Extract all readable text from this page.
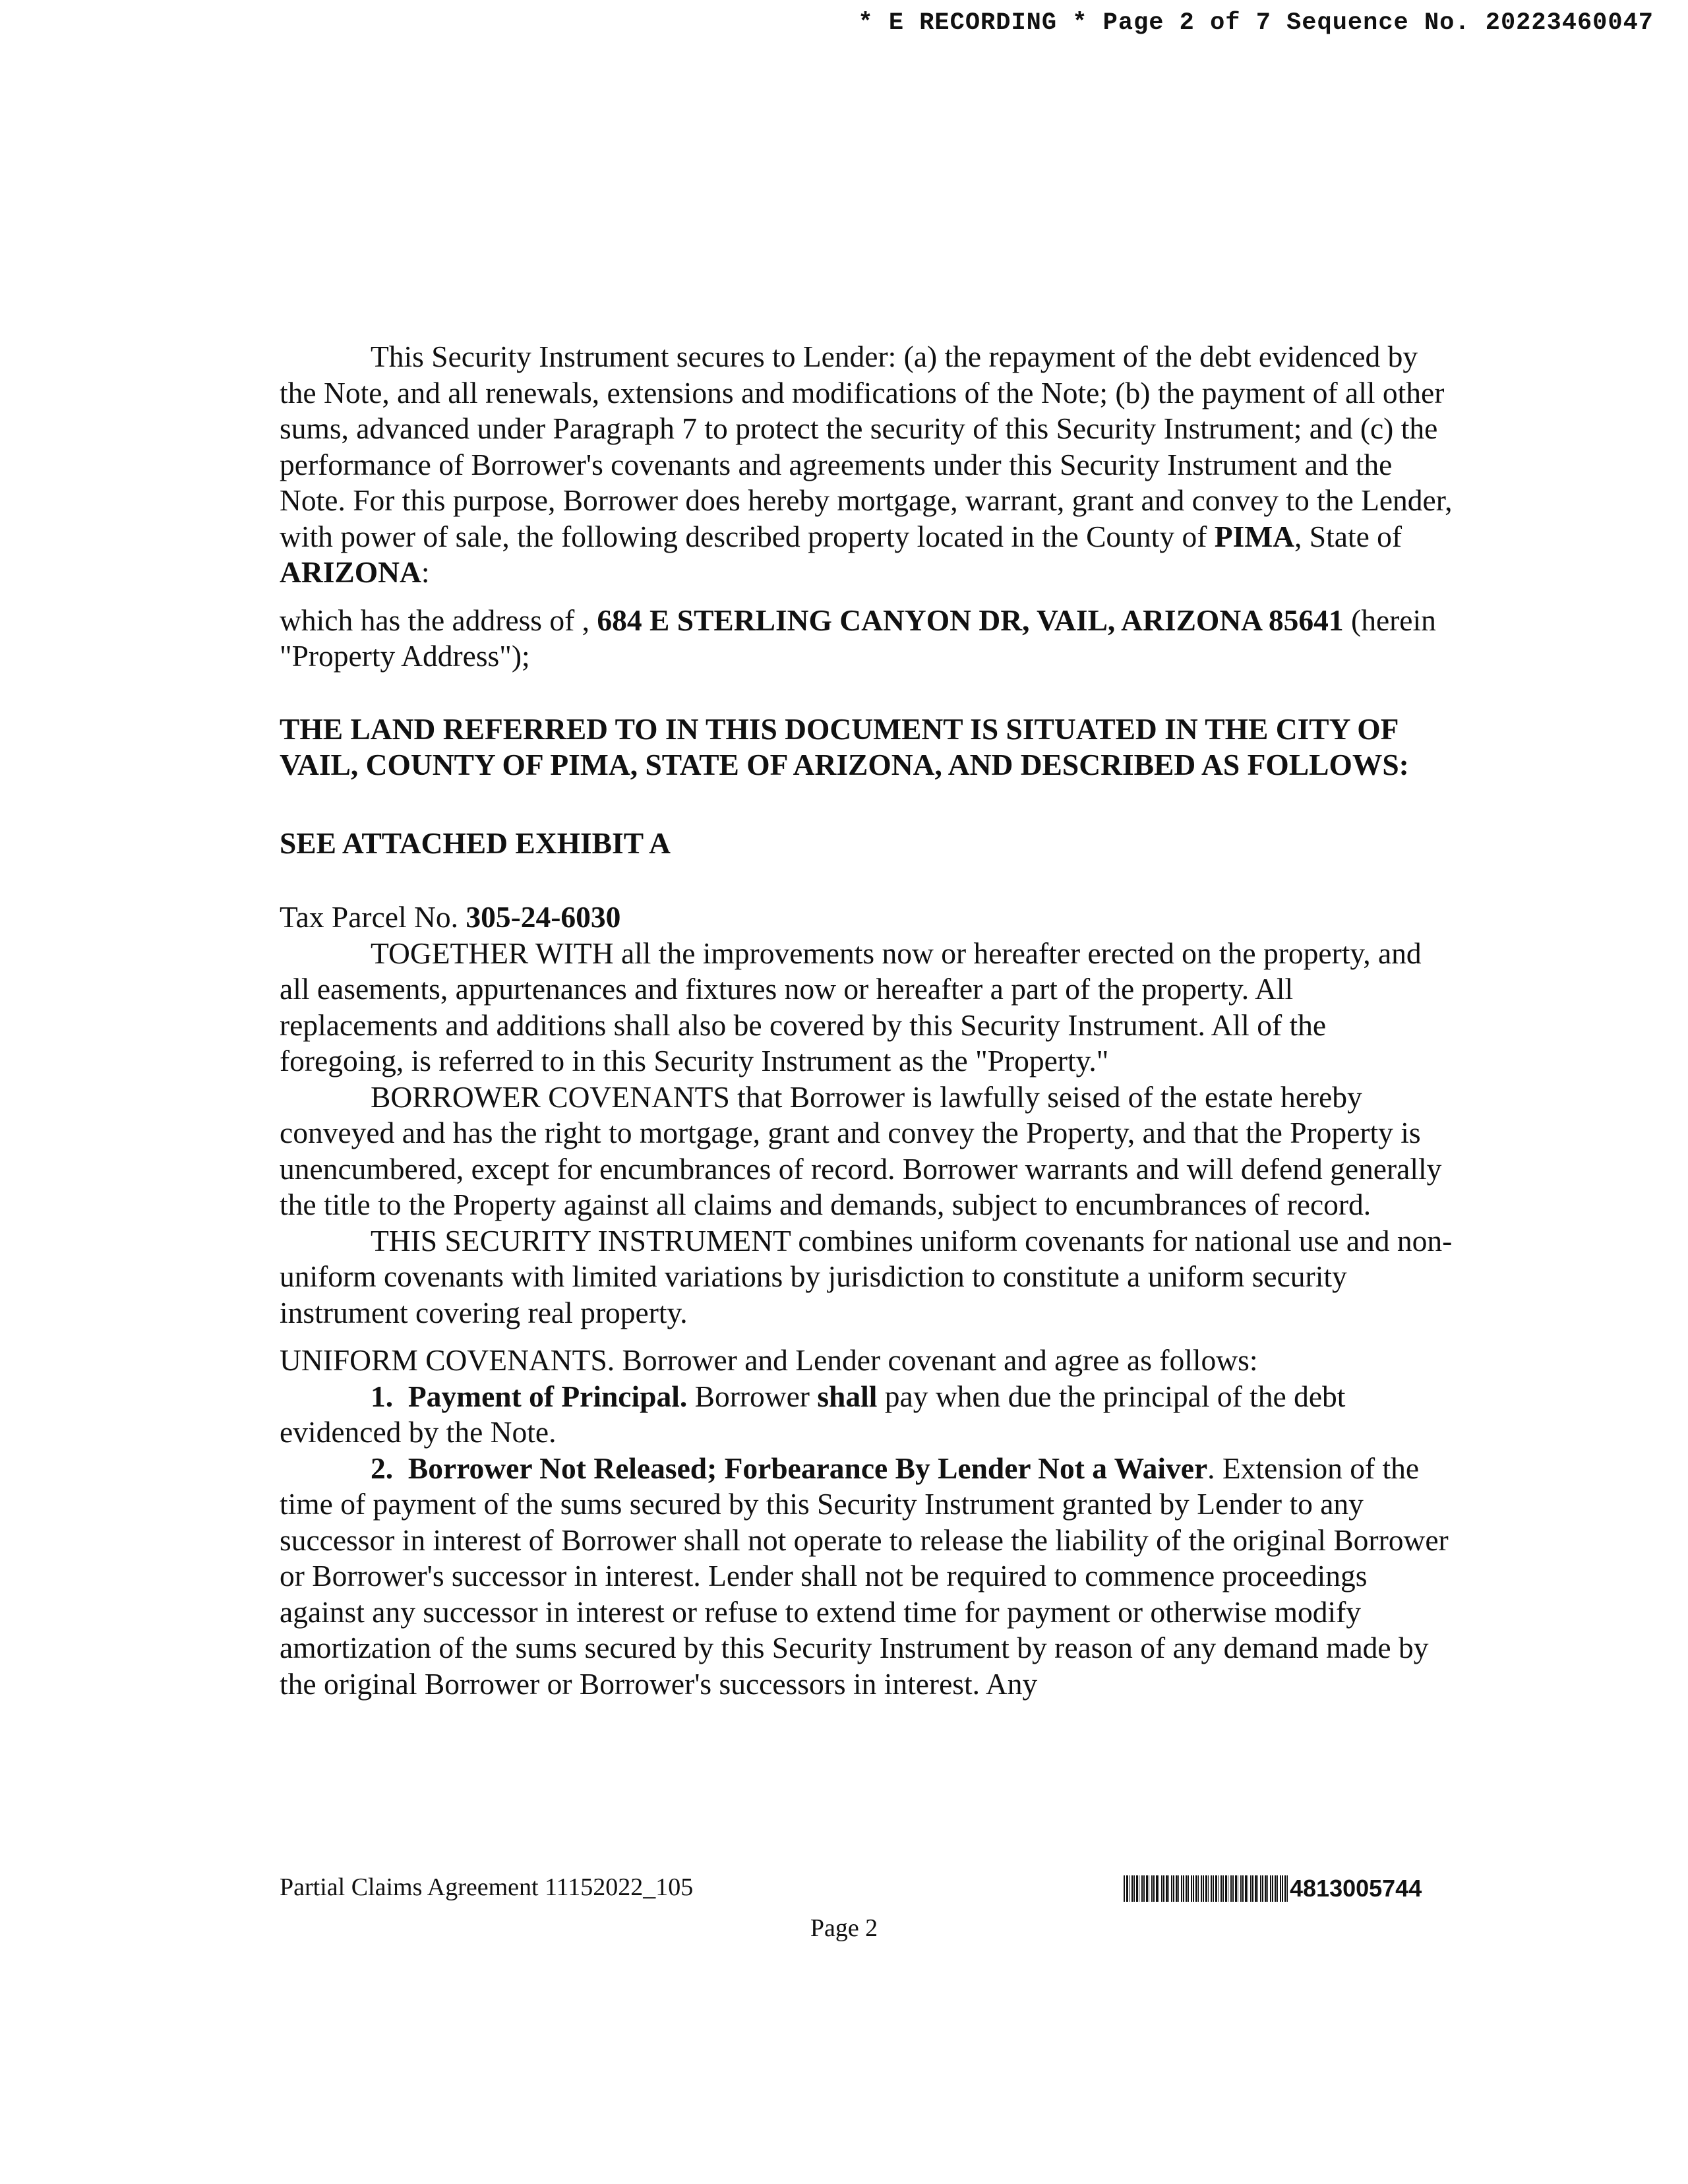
* E RECORDING * Page 2 of 7 Sequence No. 20223460047

This Security Instrument secures to Lender: (a) the repayment of the debt evidenced by the Note, and all renewals, extensions and modifications of the Note; (b) the payment of all other sums, advanced under Paragraph 7 to protect the security of this Security Instrument; and (c) the performance of Borrower's covenants and agreements under this Security Instrument and the Note. For this purpose, Borrower does hereby mortgage, warrant, grant and convey to the Lender, with power of sale, the following described property located in the County of PIMA, State of ARIZONA:

which has the address of , 684 E STERLING CANYON DR, VAIL, ARIZONA 85641 (herein "Property Address");

THE LAND REFERRED TO IN THIS DOCUMENT IS SITUATED IN THE CITY OF VAIL, COUNTY OF PIMA, STATE OF ARIZONA, AND DESCRIBED AS FOLLOWS:

SEE ATTACHED EXHIBIT A

Tax Parcel No. 305-24-6030

TOGETHER WITH all the improvements now or hereafter erected on the property, and all easements, appurtenances and fixtures now or hereafter a part of the property. All replacements and additions shall also be covered by this Security Instrument. All of the foregoing, is referred to in this Security Instrument as the "Property."

BORROWER COVENANTS that Borrower is lawfully seised of the estate hereby conveyed and has the right to mortgage, grant and convey the Property, and that the Property is unencumbered, except for encumbrances of record. Borrower warrants and will defend generally the title to the Property against all claims and demands, subject to encumbrances of record.

THIS SECURITY INSTRUMENT combines uniform covenants for national use and non-uniform covenants with limited variations by jurisdiction to constitute a uniform security instrument covering real property.

UNIFORM COVENANTS. Borrower and Lender covenant and agree as follows:

1. Payment of Principal. Borrower shall pay when due the principal of the debt evidenced by the Note.

2. Borrower Not Released; Forbearance By Lender Not a Waiver. Extension of the time of payment of the sums secured by this Security Instrument granted by Lender to any successor in interest of Borrower shall not operate to release the liability of the original Borrower or Borrower's successor in interest. Lender shall not be required to commence proceedings against any successor in interest or refuse to extend time for payment or otherwise modify amortization of the sums secured by this Security Instrument by reason of any demand made by the original Borrower or Borrower's successors in interest. Any

Partial Claims Agreement 11152022_105	4813005744
Page 2
